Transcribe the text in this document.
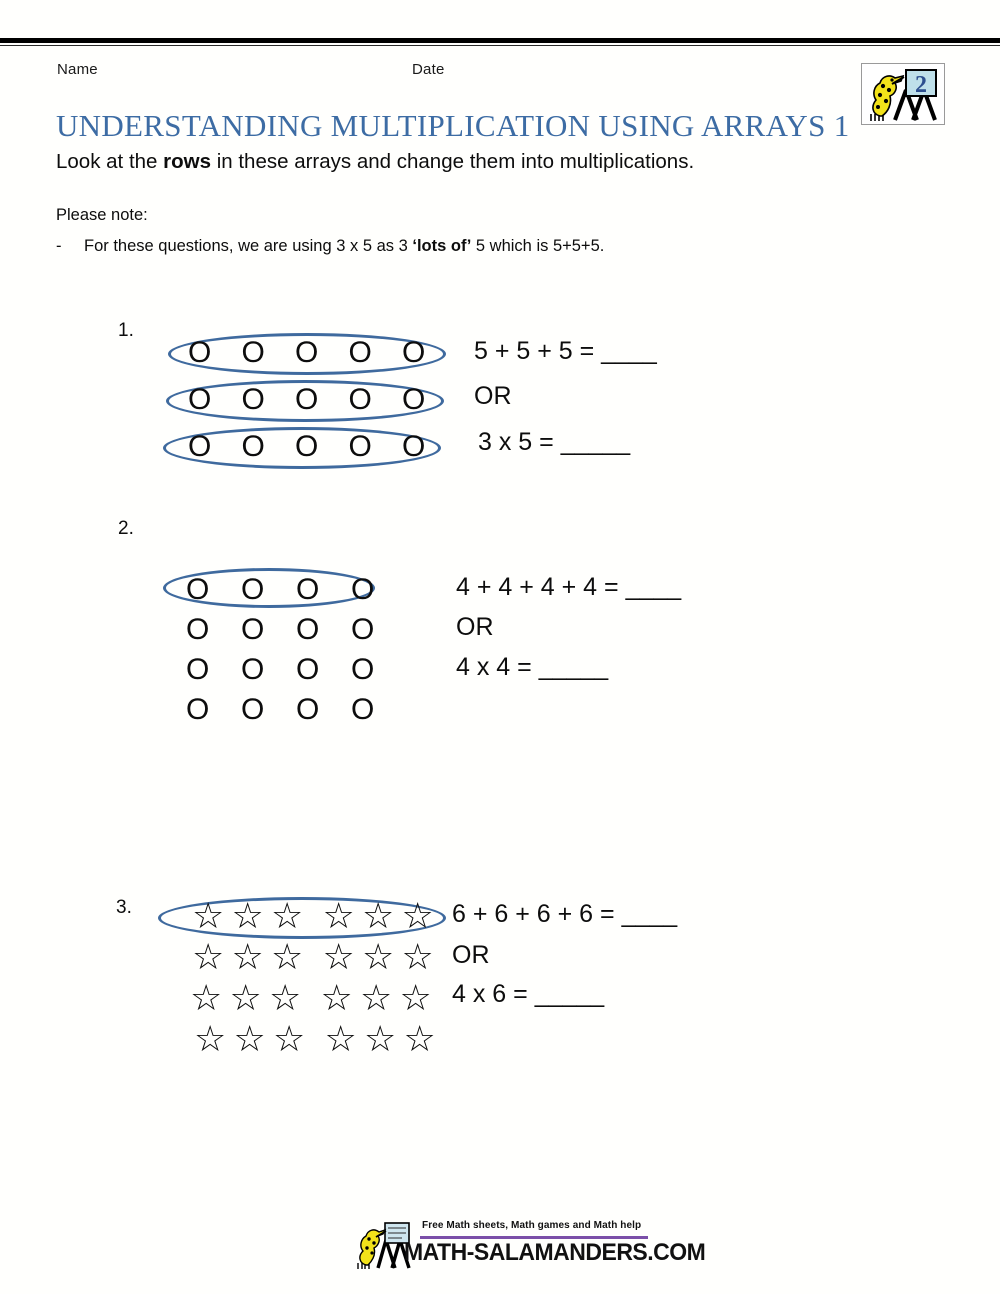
Name	Date
2
UNDERSTANDING MULTIPLICATION USING ARRAYS 1
Look at the rows in these arrays and change them into multiplications.
Please note:
- For these questions, we are using 3 x 5 as 3 ‘lots of’ 5 which is 5+5+5.
1.
O O O O O
O O O O O
O O O O O
5 + 5 + 5 = ____
OR
3 x 5 = _____
2.
O O O O
O O O O
O O O O
O O O O
4 + 4 + 4 + 4 = ____
OR
4 x 4 = _____
3. ☆ ☆ ☆ ☆ ☆ ☆
☆ ☆ ☆ ☆ ☆ ☆
☆ ☆ ☆ ☆ ☆ ☆
☆ ☆ ☆ ☆ ☆ ☆
6 + 6 + 6 + 6 = ____
OR
4 x 6 = _____
Free Math sheets, Math games and Math help
MATH-SALAMANDERS.COM
